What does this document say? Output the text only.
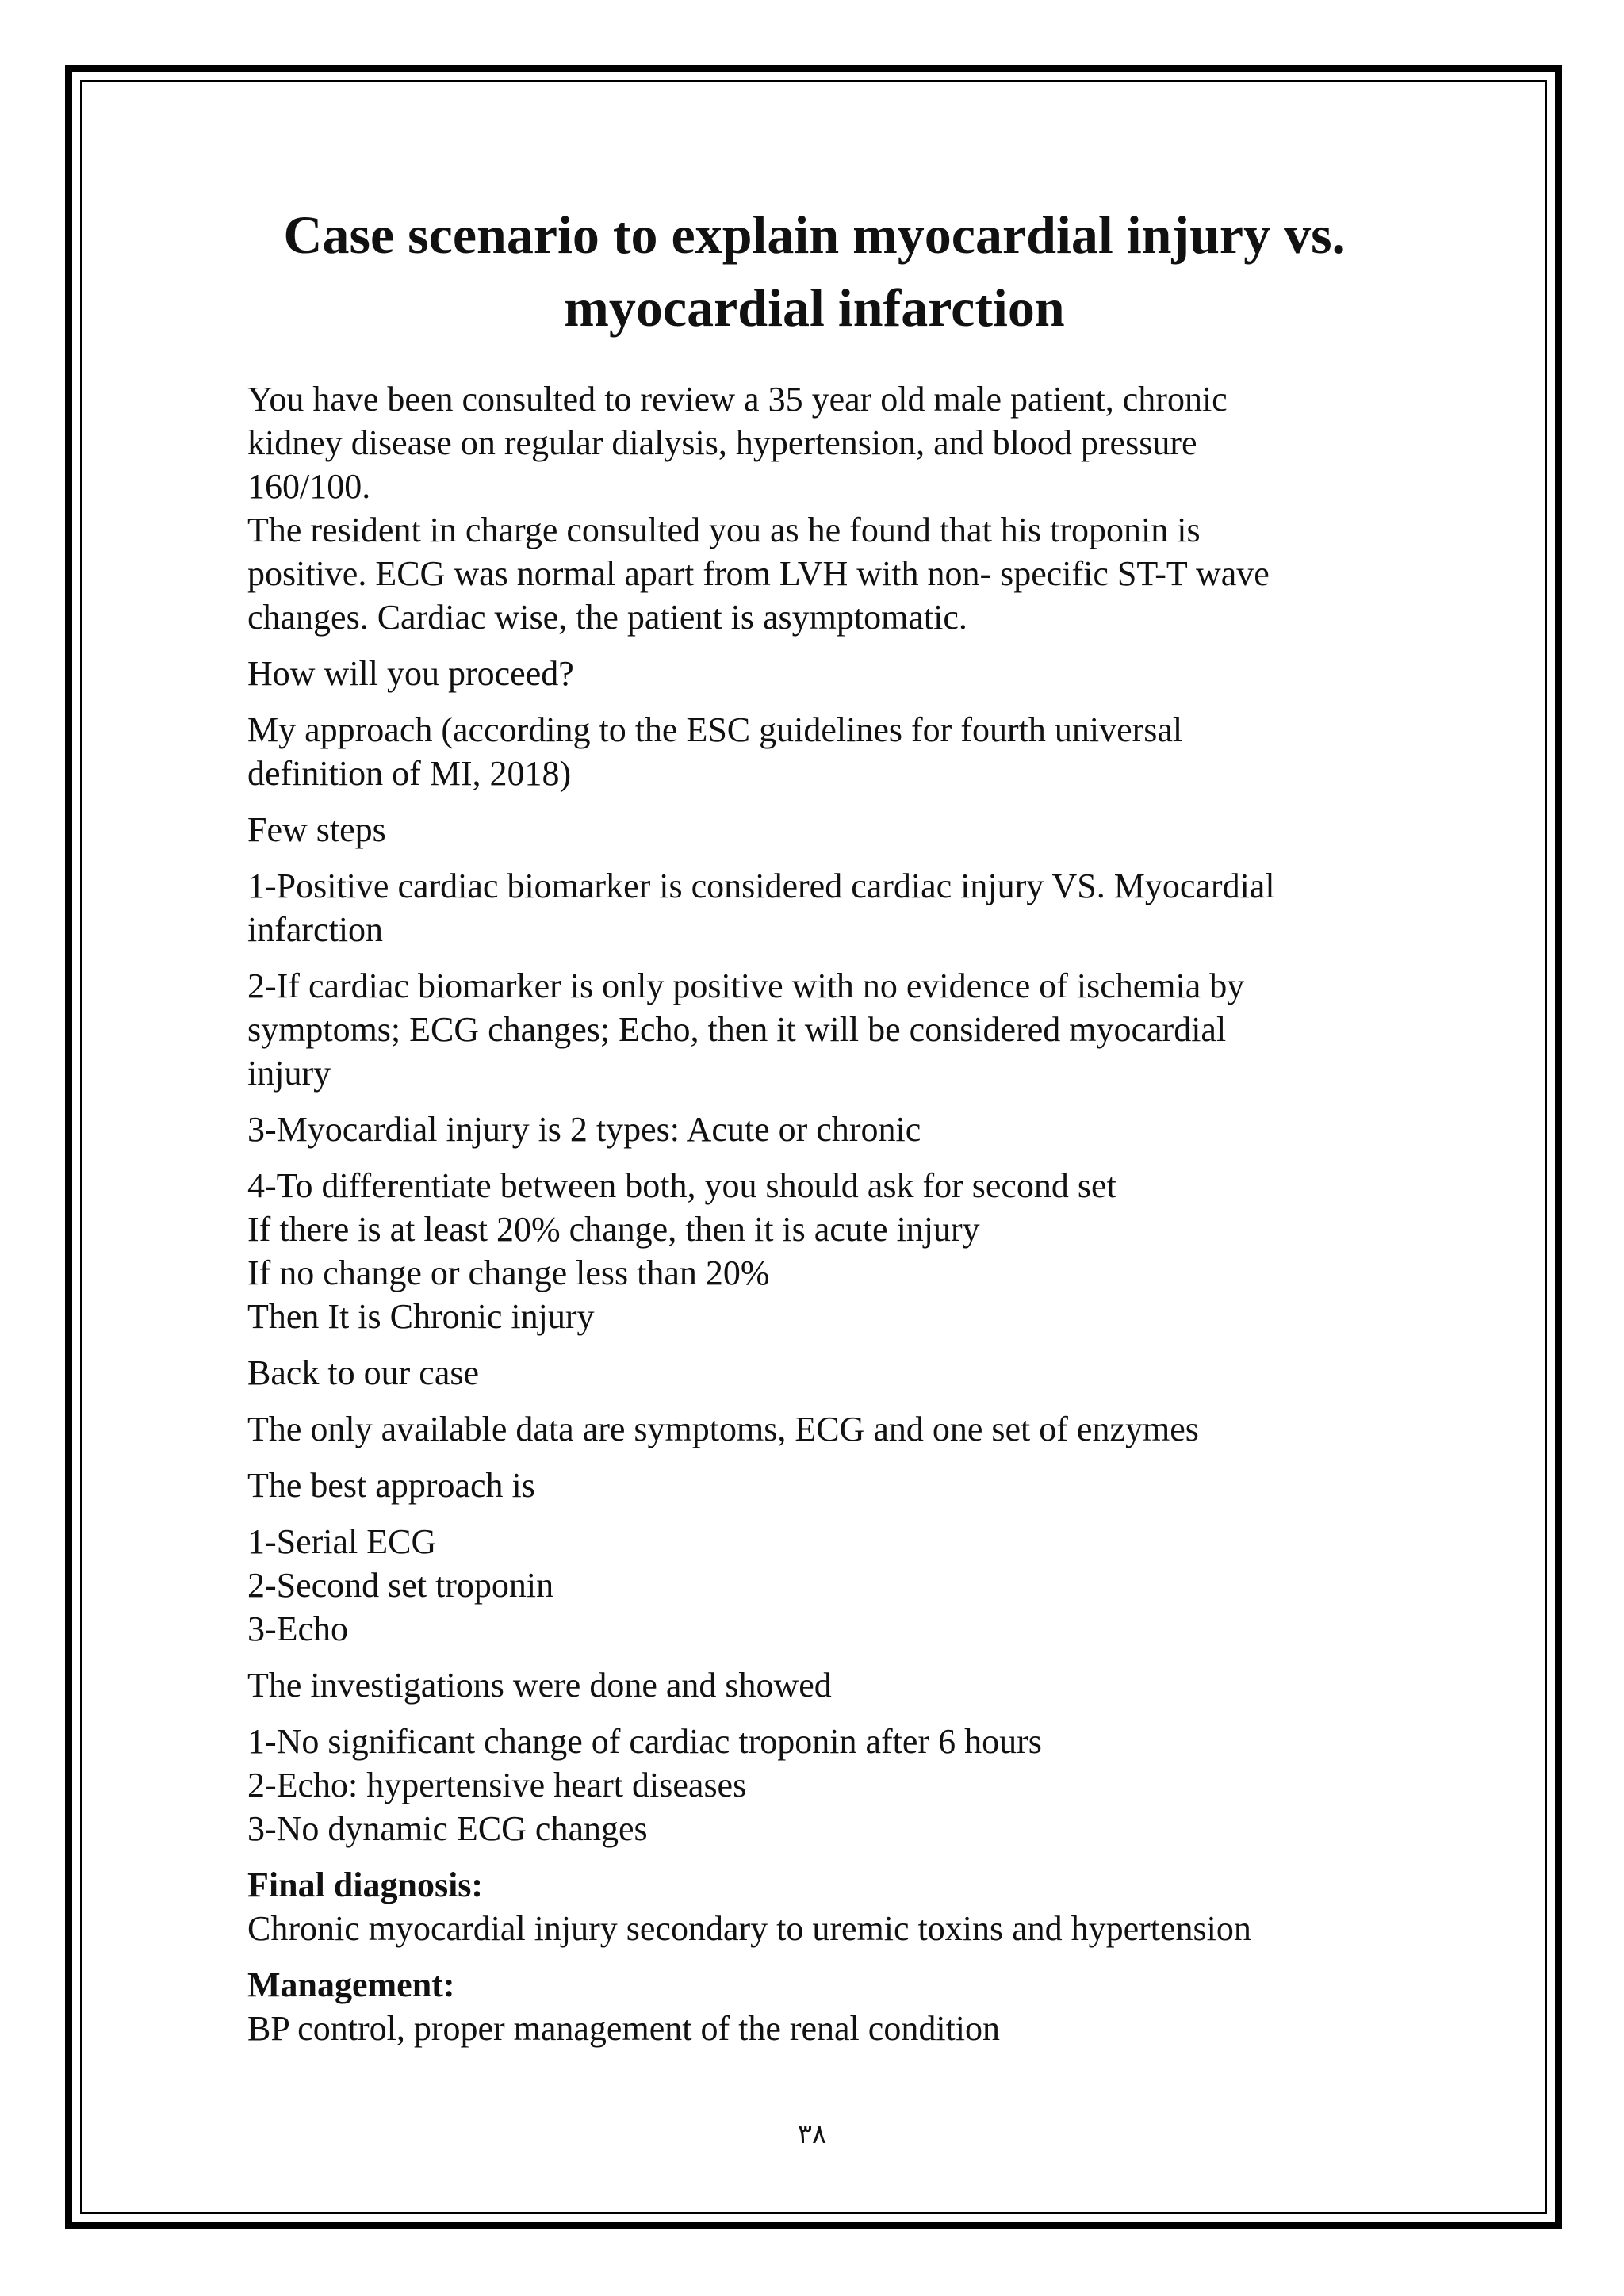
Case scenario to explain myocardial injury vs.
myocardial infarction
You have been consulted to review a 35 year old male patient, chronic
kidney disease on regular dialysis, hypertension, and blood pressure
160/100.
The resident in charge consulted you as he found that his troponin is
positive. ECG was normal apart from LVH with non- specific ST-T wave
changes. Cardiac wise, the patient is asymptomatic.
How will you proceed?
My approach (according to the ESC guidelines for fourth universal
definition of MI, 2018)
Few steps
1-Positive cardiac biomarker is considered cardiac injury VS. Myocardial
infarction
2-If cardiac biomarker is only positive with no evidence of ischemia by
symptoms; ECG changes; Echo, then it will be considered myocardial
injury
3-Myocardial injury is 2 types: Acute or chronic
4-To differentiate between both, you should ask for second set
If there is at least 20% change, then it is acute injury
If no change or change less than 20%
Then It is Chronic injury
Back to our case
The only available data are symptoms, ECG and one set of enzymes
The best approach is
1-Serial ECG
2-Second set troponin
3-Echo
The investigations were done and showed
1-No significant change of cardiac troponin after 6 hours
2-Echo: hypertensive heart diseases
3-No dynamic ECG changes
Final diagnosis:
Chronic myocardial injury secondary to uremic toxins and hypertension
Management:
BP control, proper management of the renal condition
٣٨
